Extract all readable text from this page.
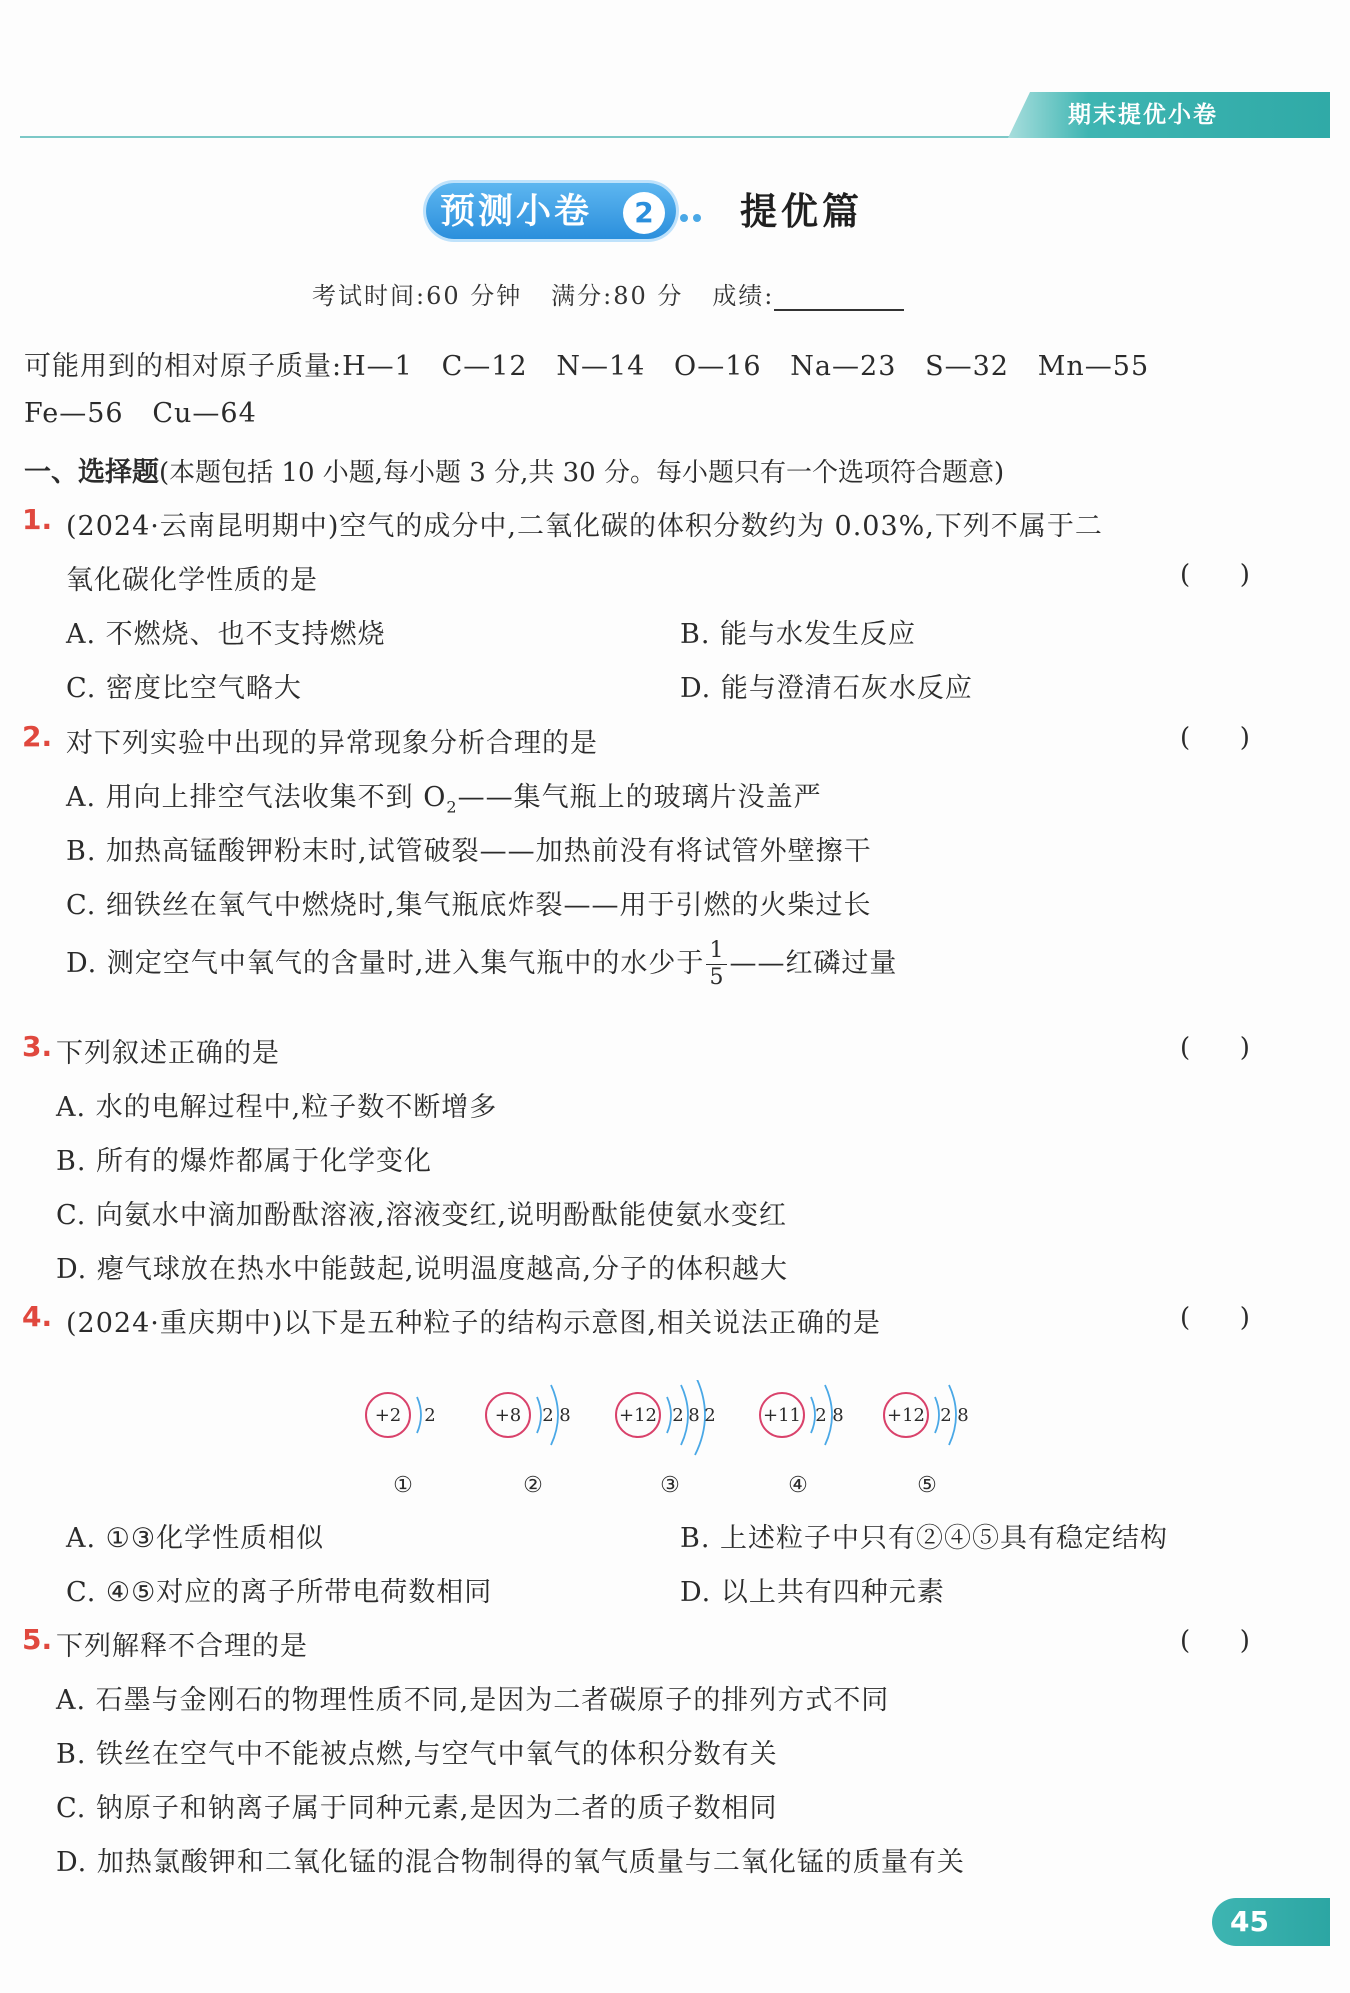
期末提优小卷
预测小卷	2	提优篇
考试时间:60 分钟 满分:80 分 成绩:
可能用到的相对原子质量:H—1   C—12   N—14   O—16   Na—23   S—32   Mn—55
Fe—56   Cu—64
一、选择题(本题包括 10 小题,每小题 3 分,共 30 分。每小题只有一个选项符合题意)
1. (2024·云南昆明期中)空气的成分中,二氧化碳的体积分数约为 0.03%,下列不属于二
氧化碳化学性质的是	(      )
A. 不燃烧、也不支持燃烧	B. 能与水发生反应
C. 密度比空气略大	D. 能与澄清石灰水反应
2. 对下列实验中出现的异常现象分析合理的是	(      )
A. 用向上排空气法收集不到 $O_2——$集气瓶上的玻璃片没盖严
B. 加热高锰酸钾粉末时,试管破裂——加热前没有将试管外壁擦干
C. 细铁丝在氧气中燃烧时,集气瓶底炸裂——用于引燃的火柴过长
D. 测定空气中氧气的含量时,进入集气瓶中的水少于 $\frac{1}{5}$ ——红磷过量
3. 下列叙述正确的是	(      )
A. 水的电解过程中,粒子数不断增多
B. 所有的爆炸都属于化学变化
C. 向氨水中滴加酚酞溶液,溶液变红,说明酚酞能使氨水变红
D. 瘪气球放在热水中能鼓起,说明温度越高,分子的体积越大
4. (2024·重庆期中)以下是五种粒子的结构示意图,相关说法正确的是	(      )
+2 2
①
+8 2 8
②
+12 2 8 2
③
+11 2 8
④
+12 2 8
⑤
A. ①③化学性质相似	B. 上述粒子中只有②④⑤具有稳定结构
C. ④⑤对应的离子所带电荷数相同	D. 以上共有四种元素
5. 下列解释不合理的是	(      )
A. 石墨与金刚石的物理性质不同,是因为二者碳原子的排列方式不同
B. 铁丝在空气中不能被点燃,与空气中氧气的体积分数有关
C. 钠原子和钠离子属于同种元素,是因为二者的质子数相同
D. 加热氯酸钾和二氧化锰的混合物制得的氧气质量与二氧化锰的质量有关
45
